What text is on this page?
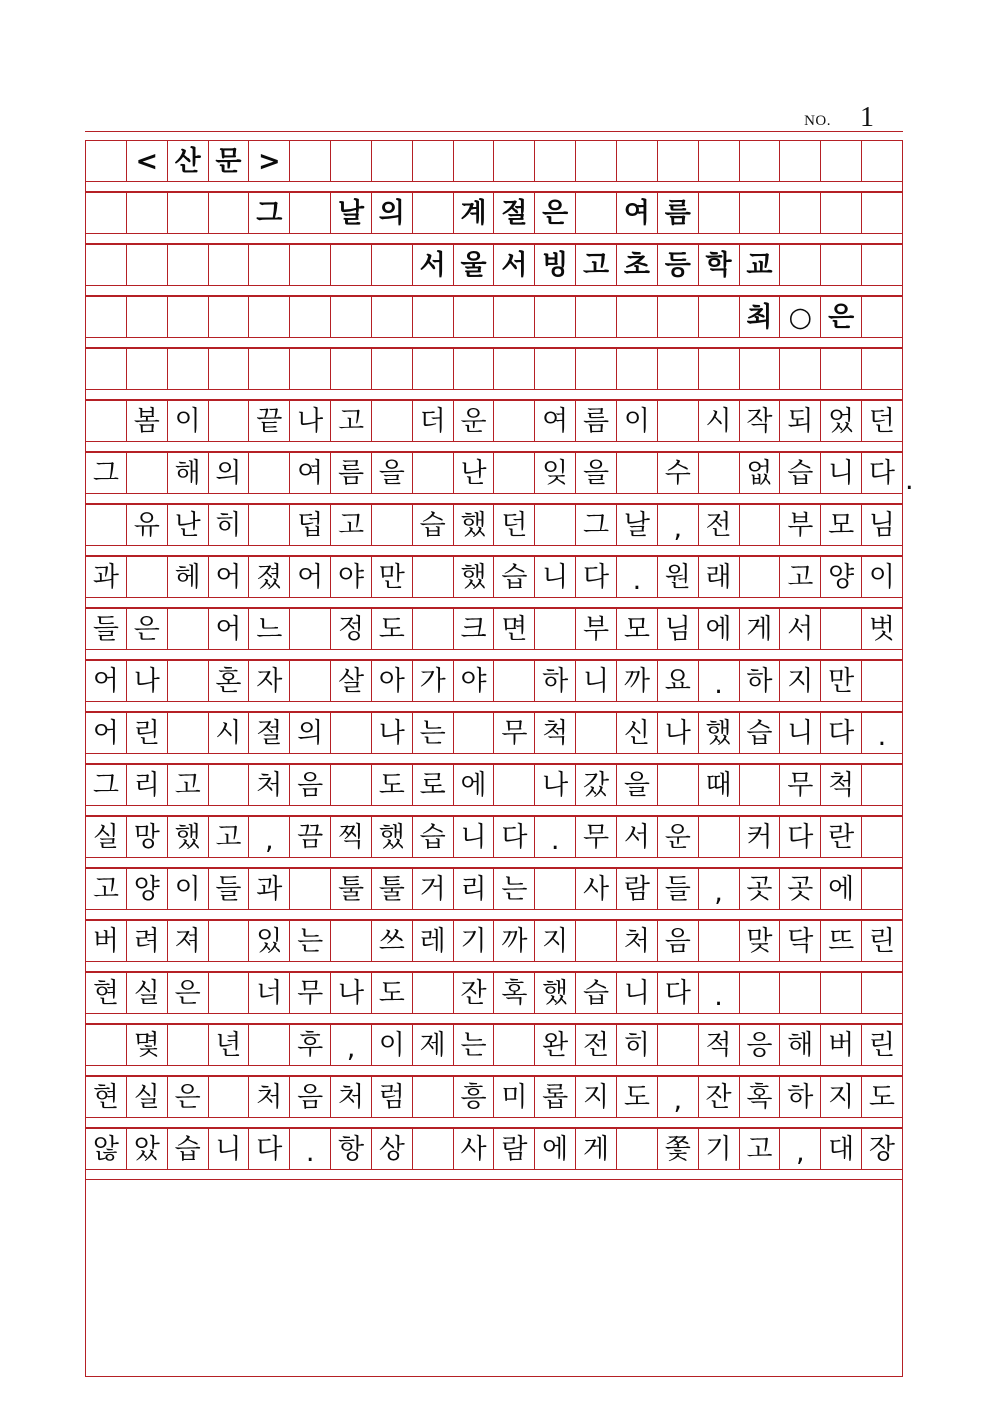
NO.	1
< 산 문 >
그 날 의 계 절 은 여 름
서 울 서 빙 고 초 등 학 교
최 ○ 은
봄 이 끝 나 고 더 운 여 름 이 시 작 되 었 던
그 해 의 여 름 을 난 잊 을 수 없 습 니 다 .
유 난 히 덥 고 습 했 던 그 날 , 전 부 모 님
과 헤 어 졌 어 야 만 했 습 니 다 . 원 래 고 양 이
들 은 어 느 정 도 크 면 부 모 님 에 게 서 벗
어 나 혼 자 살 아 가 야 하 니 까 요 . 하 지 만
어 린 시 절 의 나 는 무 척 신 나 했 습 니 다 .
그 리 고 처 음 도 로 에 나 갔 을 때 무 척
실 망 했 고 , 끔 찍 했 습 니 다 . 무 서 운 커 다 란
고 양 이 들 과 툴 툴 거 리 는 사 람 들 , 곳 곳 에
버 려 져 있 는 쓰 레 기 까 지 처 음 맞 닥 뜨 린
현 실 은 너 무 나 도 잔 혹 했 습 니 다 .
몇 년 후 , 이 제 는 완 전 히 적 응 해 버 린
현 실 은 처 음 처 럼 흥 미 롭 지 도 , 잔 혹 하 지 도
않 았 습 니 다 . 항 상 사 람 에 게 쫓 기 고 , 대 장
